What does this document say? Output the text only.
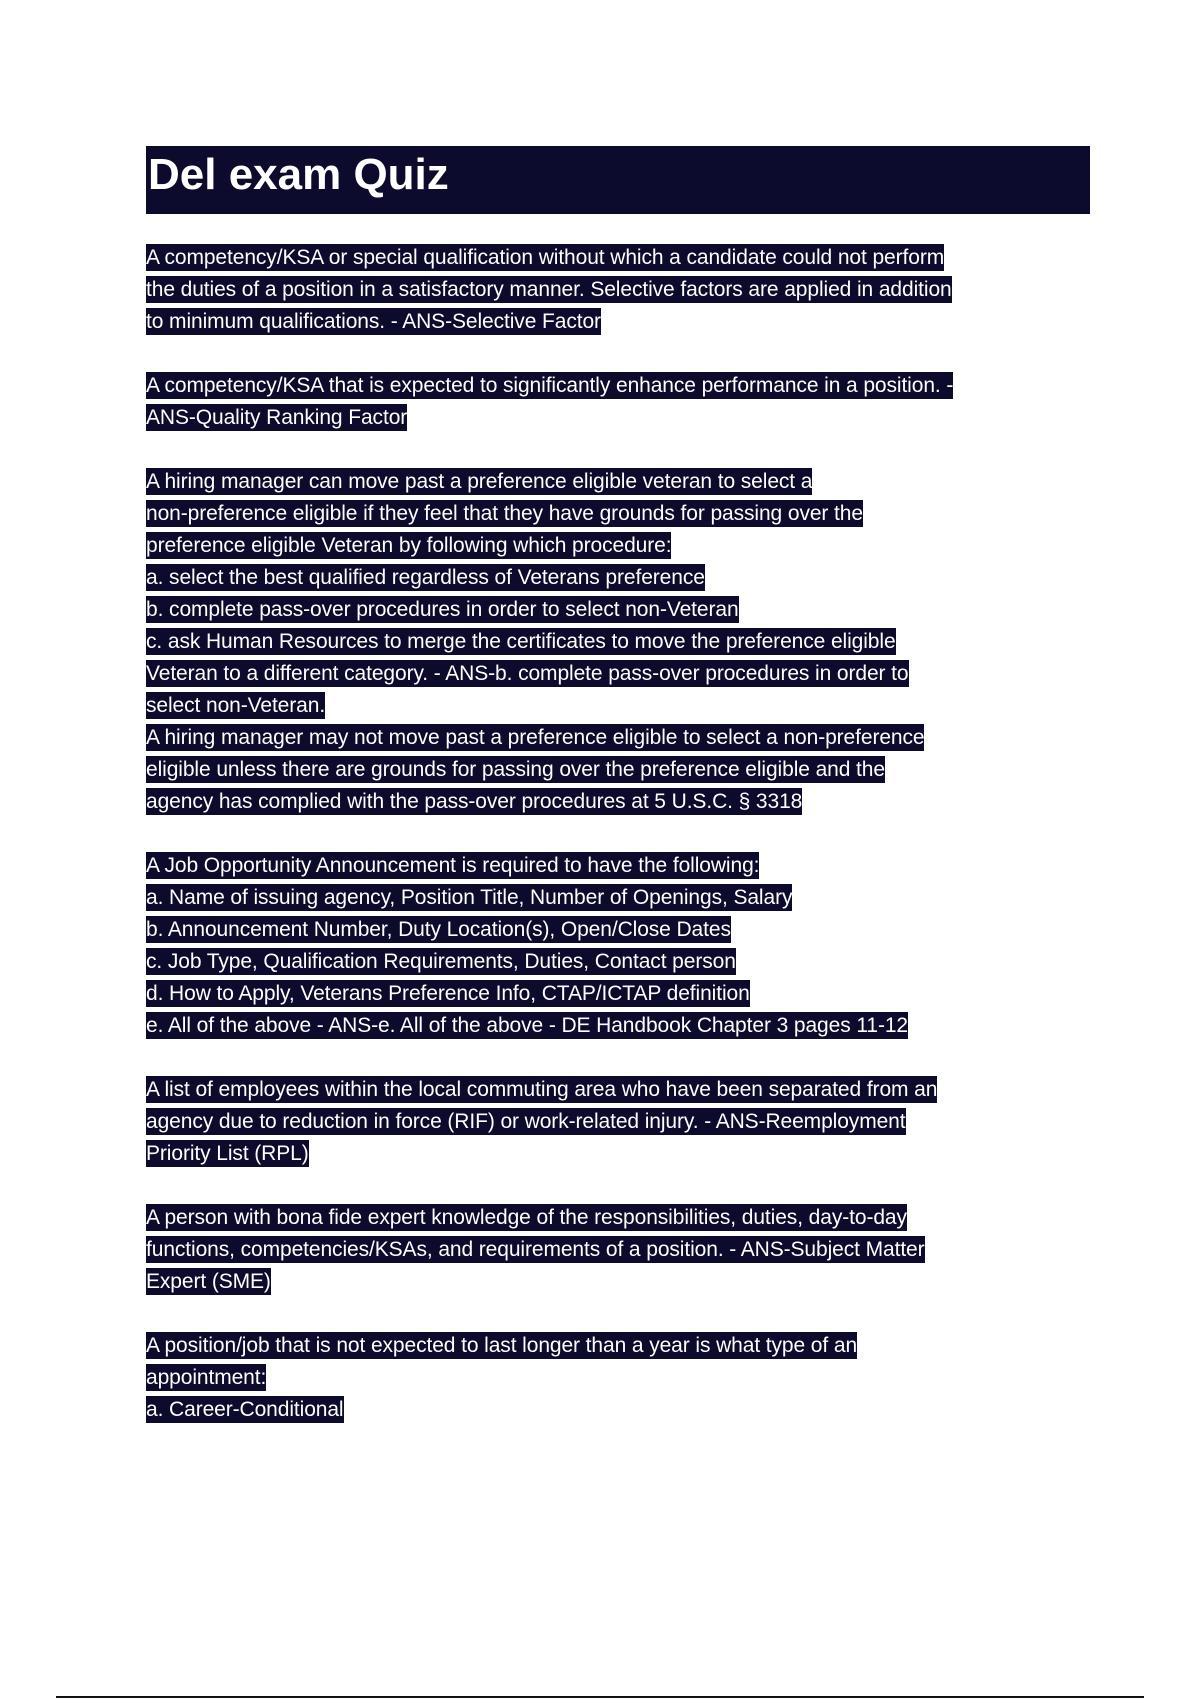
Del exam Quiz
A competency/KSA or special qualification without which a candidate could not perform
the duties of a position in a satisfactory manner. Selective factors are applied in addition
to minimum qualifications. - ANS-Selective Factor
A competency/KSA that is expected to significantly enhance performance in a position. -
ANS-Quality Ranking Factor
A hiring manager can move past a preference eligible veteran to select a
non-preference eligible if they feel that they have grounds for passing over the
preference eligible Veteran by following which procedure:
a. select the best qualified regardless of Veterans preference
b. complete pass-over procedures in order to select non-Veteran
c. ask Human Resources to merge the certificates to move the preference eligible
Veteran to a different category. - ANS-b. complete pass-over procedures in order to
select non-Veteran.
A hiring manager may not move past a preference eligible to select a non-preference
eligible unless there are grounds for passing over the preference eligible and the
agency has complied with the pass-over procedures at 5 U.S.C. § 3318
A Job Opportunity Announcement is required to have the following:
a. Name of issuing agency, Position Title, Number of Openings, Salary
b. Announcement Number, Duty Location(s), Open/Close Dates
c. Job Type, Qualification Requirements, Duties, Contact person
d. How to Apply, Veterans Preference Info, CTAP/ICTAP definition
e. All of the above - ANS-e. All of the above - DE Handbook Chapter 3 pages 11-12
A list of employees within the local commuting area who have been separated from an
agency due to reduction in force (RIF) or work-related injury. - ANS-Reemployment
Priority List (RPL)
A person with bona fide expert knowledge of the responsibilities, duties, day-to-day
functions, competencies/KSAs, and requirements of a position. - ANS-Subject Matter
Expert (SME)
A position/job that is not expected to last longer than a year is what type of an
appointment:
a. Career-Conditional
